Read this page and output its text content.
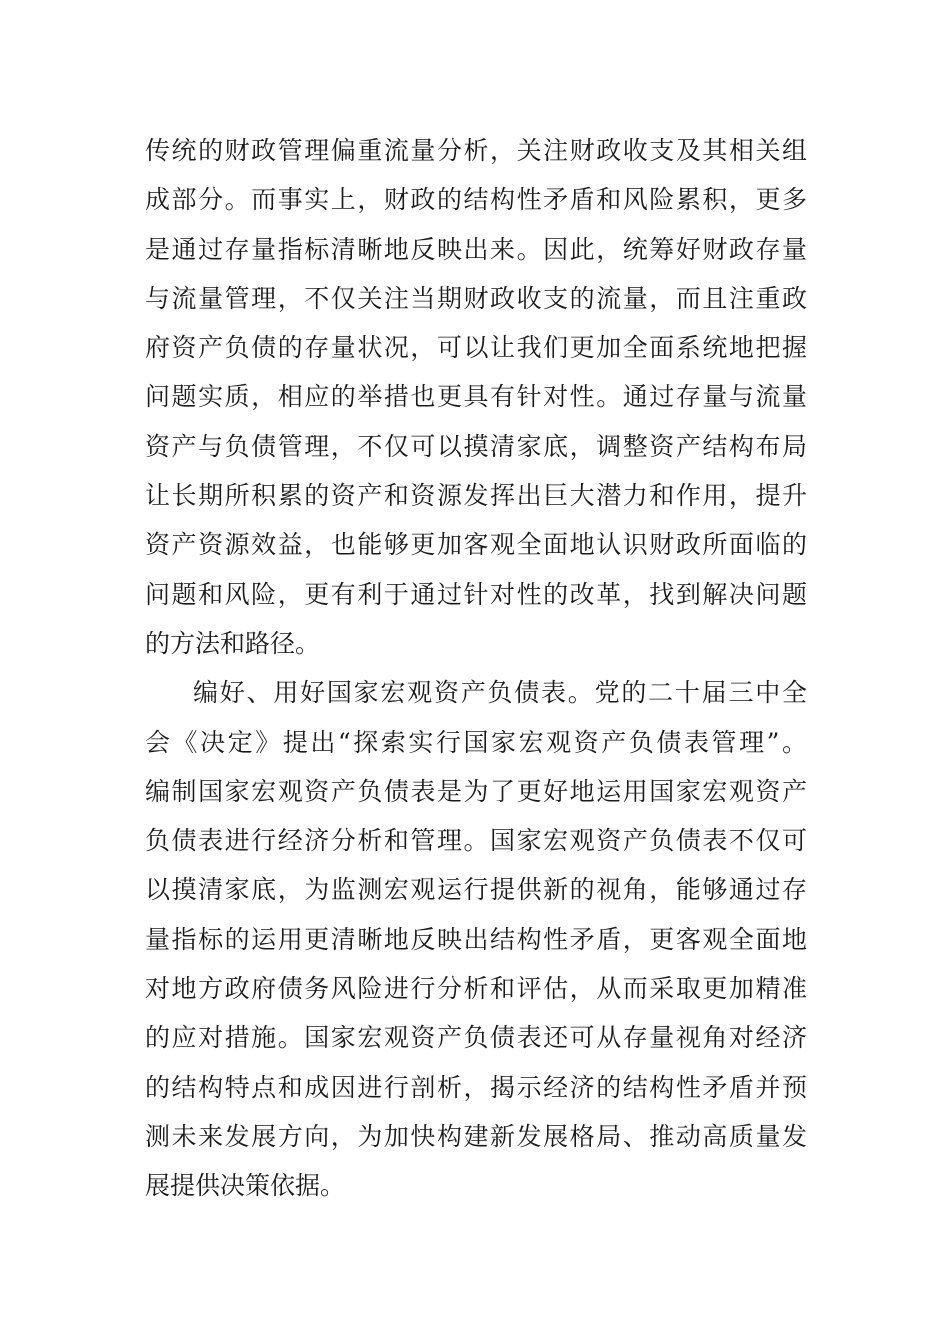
传统的财政管理偏重流量分析，关注财政收支及其相关组
成部分。而事实上，财政的结构性矛盾和风险累积，更多
是通过存量指标清晰地反映出来。因此，统筹好财政存量
与流量管理，不仅关注当期财政收支的流量，而且注重政
府资产负债的存量状况，可以让我们更加全面系统地把握
问题实质，相应的举措也更具有针对性。通过存量与流量
资产与负债管理，不仅可以摸清家底，调整资产结构布局
让长期所积累的资产和资源发挥出巨大潜力和作用，提升
资产资源效益，也能够更加客观全面地认识财政所面临的
问题和风险，更有利于通过针对性的改革，找到解决问题
的方法和路径。
编好、用好国家宏观资产负债表。党的二十届三中全
会《决定》提出“探索实行国家宏观资产负债表管理”。
编制国家宏观资产负债表是为了更好地运用国家宏观资产
负债表进行经济分析和管理。国家宏观资产负债表不仅可
以摸清家底，为监测宏观运行提供新的视角，能够通过存
量指标的运用更清晰地反映出结构性矛盾，更客观全面地
对地方政府债务风险进行分析和评估，从而采取更加精准
的应对措施。国家宏观资产负债表还可从存量视角对经济
的结构特点和成因进行剖析，揭示经济的结构性矛盾并预
测未来发展方向，为加快构建新发展格局、推动高质量发
展提供决策依据。
